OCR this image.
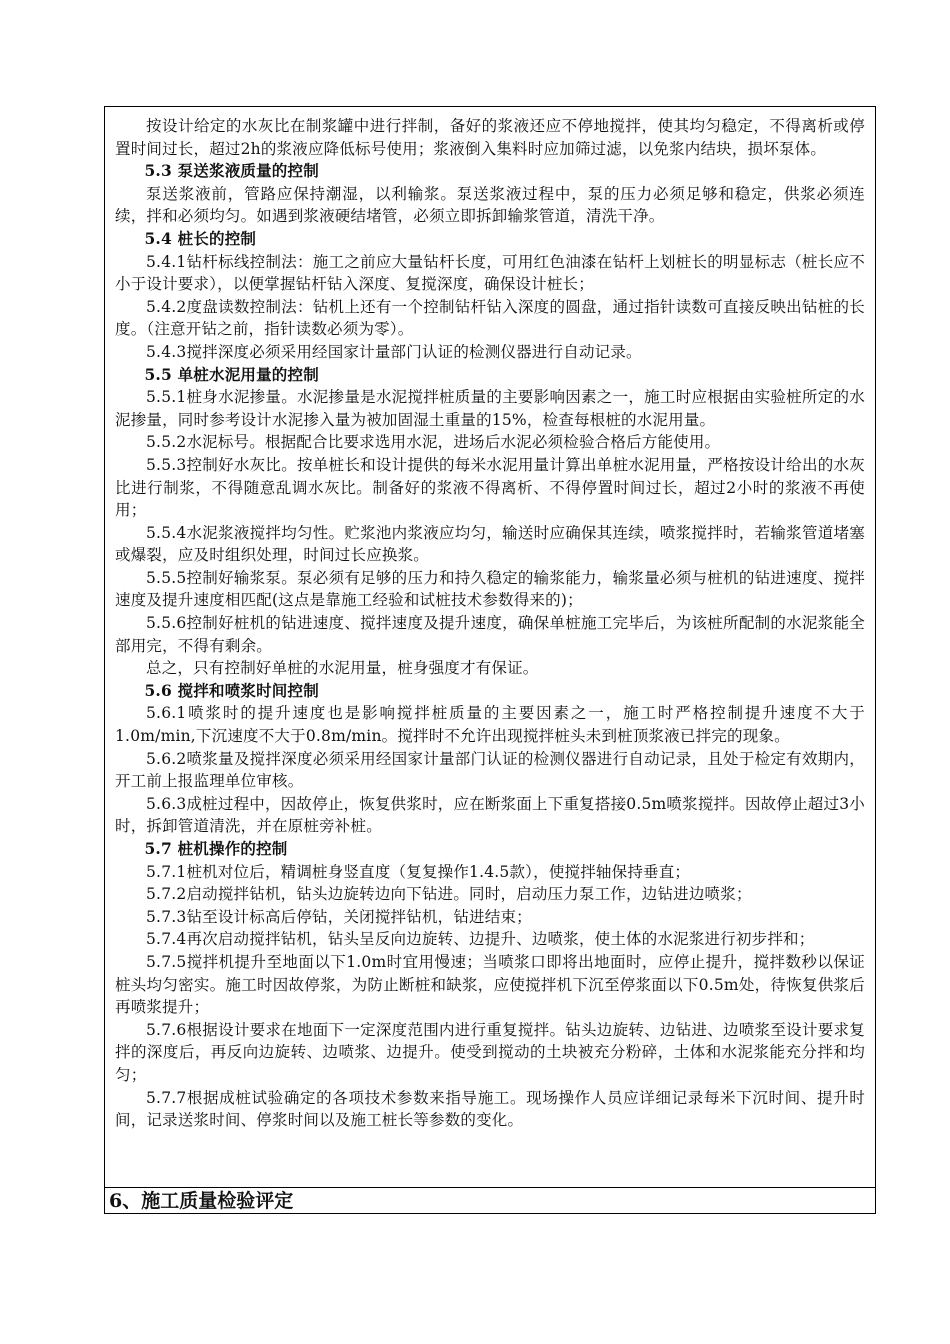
按设计给定的水灰比在制浆罐中进行拌制，备好的浆液还应不停地搅拌，使其均匀稳定，不得离析或停置时间过长，超过2h的浆液应降低标号使用；浆液倒入集料时应加筛过滤，以免浆内结块，损坏泵体。

5.3 泵送浆液质量的控制

泵送浆液前，管路应保持潮湿，以利输浆。泵送浆液过程中，泵的压力必须足够和稳定，供浆必须连续，拌和必须均匀。如遇到浆液硬结堵管，必须立即拆卸输浆管道，清洗干净。

5.4 桩长的控制

5.4.1钻杆标线控制法：施工之前应大量钻杆长度，可用红色油漆在钻杆上划桩长的明显标志（桩长应不小于设计要求），以便掌握钻杆钻入深度、复搅深度，确保设计桩长；

5.4.2度盘读数控制法：钻机上还有一个控制钻杆钻入深度的圆盘，通过指针读数可直接反映出钻桩的长度。（注意开钻之前，指针读数必须为零）。

5.4.3搅拌深度必须采用经国家计量部门认证的检测仪器进行自动记录。

5.5 单桩水泥用量的控制

5.5.1桩身水泥掺量。水泥掺量是水泥搅拌桩质量的主要影响因素之一，施工时应根据由实验桩所定的水泥掺量，同时参考设计水泥掺入量为被加固湿土重量的15%，检查每根桩的水泥用量。

5.5.2水泥标号。根据配合比要求选用水泥，进场后水泥必须检验合格后方能使用。

5.5.3控制好水灰比。按单桩长和设计提供的每米水泥用量计算出单桩水泥用量，严格按设计给出的水灰比进行制浆，不得随意乱调水灰比。制备好的浆液不得离析、不得停置时间过长，超过2小时的浆液不再使用；

5.5.4水泥浆液搅拌均匀性。贮浆池内浆液应均匀，输送时应确保其连续，喷浆搅拌时，若输浆管道堵塞或爆裂，应及时组织处理，时间过长应换浆。

5.5.5控制好输浆泵。泵必须有足够的压力和持久稳定的输浆能力，输浆量必须与桩机的钻进速度、搅拌速度及提升速度相匹配(这点是靠施工经验和试桩技术参数得来的)；

5.5.6控制好桩机的钻进速度、搅拌速度及提升速度，确保单桩施工完毕后，为该桩所配制的水泥浆能全部用完，不得有剩余。

总之，只有控制好单桩的水泥用量，桩身强度才有保证。

5.6 搅拌和喷浆时间控制

5.6.1喷浆时的提升速度也是影响搅拌桩质量的主要因素之一，施工时严格控制提升速度不大于1.0m/min,下沉速度不大于0.8m/min。搅拌时不允许出现搅拌桩头未到桩顶浆液已拌完的现象。

5.6.2喷浆量及搅拌深度必须采用经国家计量部门认证的检测仪器进行自动记录，且处于检定有效期内，开工前上报监理单位审核。

5.6.3成桩过程中，因故停止，恢复供浆时，应在断浆面上下重复搭接0.5m喷浆搅拌。因故停止超过3小时，拆卸管道清洗，并在原桩旁补桩。

5.7 桩机操作的控制

5.7.1桩机对位后，精调桩身竖直度（复复操作1.4.5款），使搅拌轴保持垂直；

5.7.2启动搅拌钻机，钻头边旋转边向下钻进。同时，启动压力泵工作，边钻进边喷浆；

5.7.3钻至设计标高后停钻，关闭搅拌钻机，钻进结束；

5.7.4再次启动搅拌钻机，钻头呈反向边旋转、边提升、边喷浆，使土体的水泥浆进行初步拌和；

5.7.5搅拌机提升至地面以下1.0m时宜用慢速；当喷浆口即将出地面时，应停止提升，搅拌数秒以保证桩头均匀密实。施工时因故停浆，为防止断桩和缺浆，应使搅拌机下沉至停浆面以下0.5m处，待恢复供浆后再喷浆提升；

5.7.6根据设计要求在地面下一定深度范围内进行重复搅拌。钻头边旋转、边钻进、边喷浆至设计要求复拌的深度后，再反向边旋转、边喷浆、边提升。使受到搅动的土块被充分粉碎，土体和水泥浆能充分拌和均匀；

5.7.7根据成桩试验确定的各项技术参数来指导施工。现场操作人员应详细记录每米下沉时间、提升时间，记录送浆时间、停浆时间以及施工桩长等参数的变化。

6、施工质量检验评定
